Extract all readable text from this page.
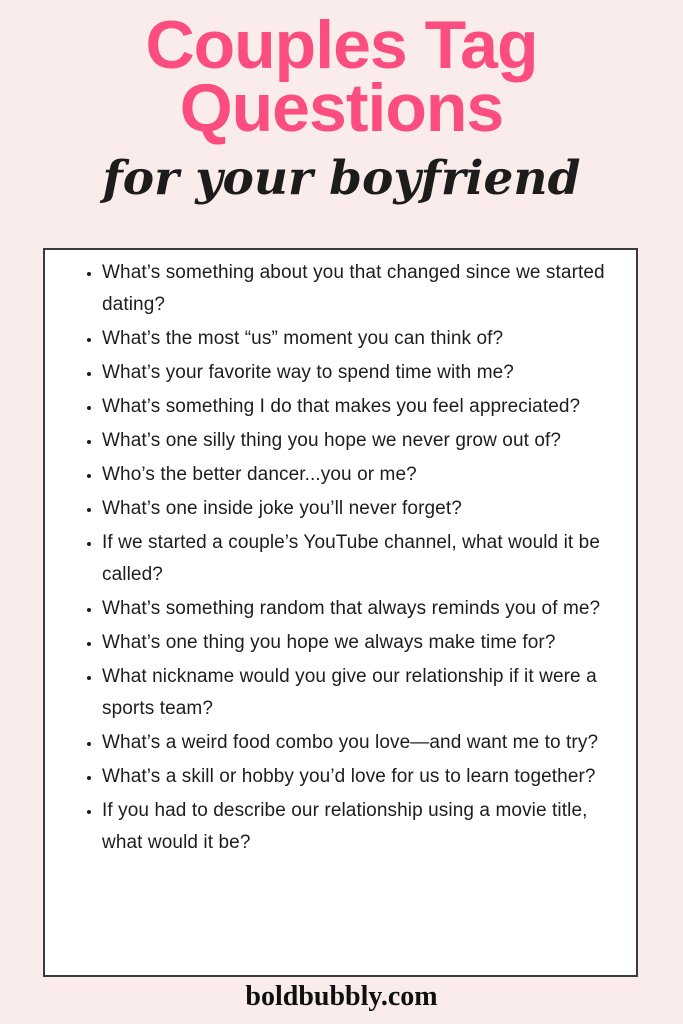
Couples Tag
Questions
for your boyfriend
• What’s something about you that changed since we started dating?
• What’s the most “us” moment you can think of?
• What’s your favorite way to spend time with me?
• What’s something I do that makes you feel appreciated?
• What’s one silly thing you hope we never grow out of?
• Who’s the better dancer...you or me?
• What’s one inside joke you’ll never forget?
• If we started a couple’s YouTube channel, what would it be called?
• What’s something random that always reminds you of me?
• What’s one thing you hope we always make time for?
• What nickname would you give our relationship if it were a sports team?
• What’s a weird food combo you love—and want me to try?
• What’s a skill or hobby you’d love for us to learn together?
• If you had to describe our relationship using a movie title, what would it be?
boldbubbly.com
